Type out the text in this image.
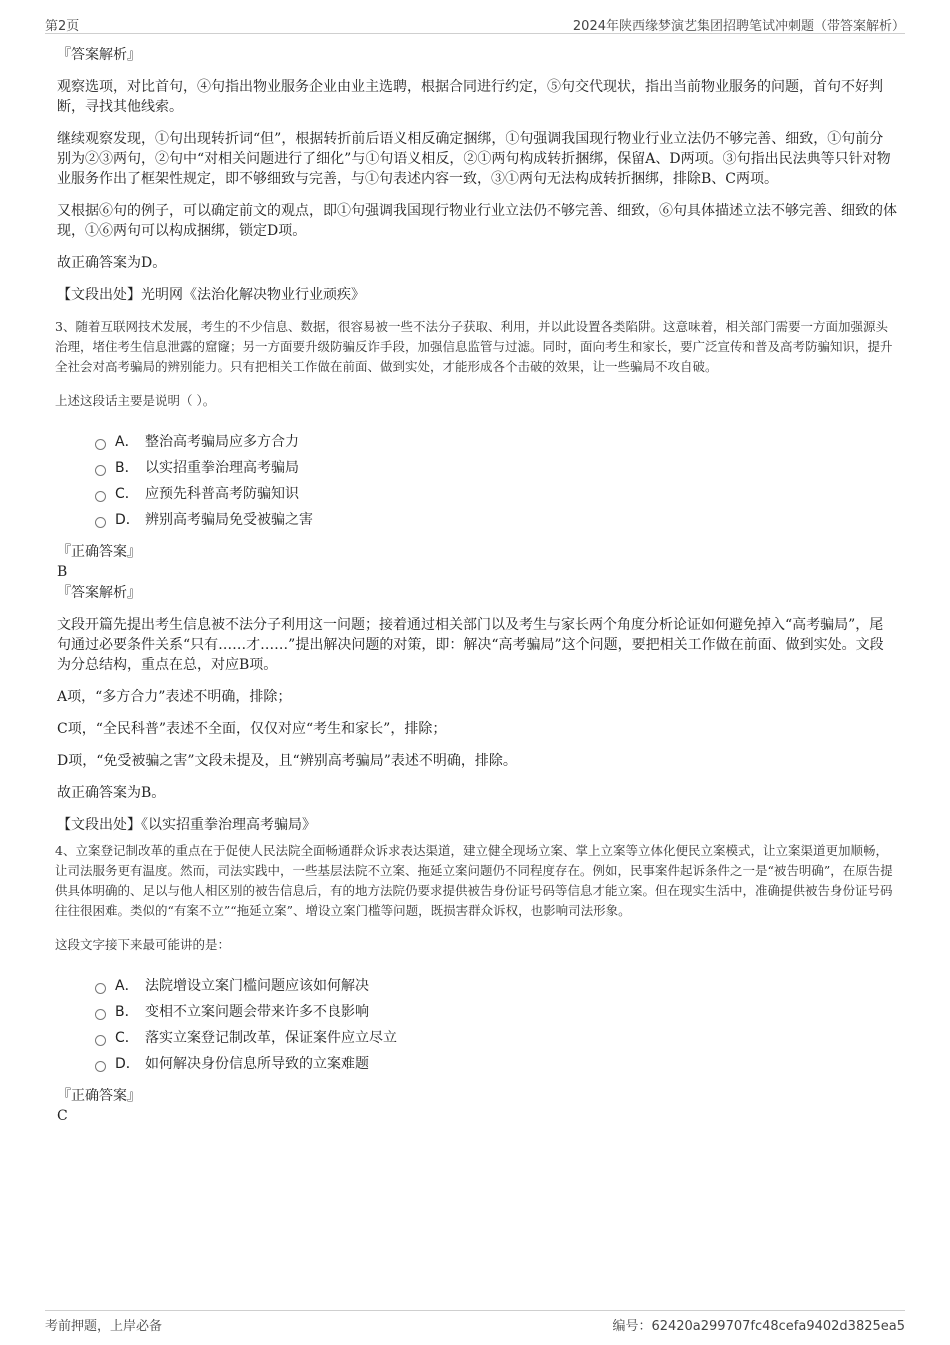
第2页	2024年陕西缘梦演艺集团招聘笔试冲刺题（带答案解析）
『答案解析』

观察选项，对比首句，④句指出物业服务企业由业主选聘，根据合同进行约定，⑤句交代现状，指出当前物业服务的问题，首句不好判断，寻找其他线索。

继续观察发现，①句出现转折词“但”，根据转折前后语义相反确定捆绑，①句强调我国现行物业行业立法仍不够完善、细致，①句前分别为②③两句，②句中“对相关问题进行了细化”与①句语义相反，②①两句构成转折捆绑，保留A、D两项。③句指出民法典等只针对物业服务作出了框架性规定，即不够细致与完善，与①句表述内容一致，③①两句无法构成转折捆绑，排除B、C两项。

又根据⑥句的例子，可以确定前文的观点，即①句强调我国现行物业行业立法仍不够完善、细致，⑥句具体描述立法不够完善、细致的体现，①⑥两句可以构成捆绑，锁定D项。

故正确答案为D。

【文段出处】光明网《法治化解决物业行业顽疾》

3、随着互联网技术发展，考生的不少信息、数据，很容易被一些不法分子获取、利用，并以此设置各类陷阱。这意味着，相关部门需要一方面加强源头治理，堵住考生信息泄露的窟窿；另一方面要升级防骗反诈手段，加强信息监管与过滤。同时，面向考生和家长，要广泛宣传和普及高考防骗知识，提升全社会对高考骗局的辨别能力。只有把相关工作做在前面、做到实处，才能形成各个击破的效果，让一些骗局不攻自破。
上述这段话主要是说明（ ）。
A． 整治高考骗局应多方合力
B． 以实招重拳治理高考骗局
C． 应预先科普高考防骗知识
D． 辨别高考骗局免受被骗之害
『正确答案』
B
『答案解析』

文段开篇先提出考生信息被不法分子利用这一问题；接着通过相关部门以及考生与家长两个角度分析论证如何避免掉入“高考骗局”，尾句通过必要条件关系“只有……才……”提出解决问题的对策，即：解决“高考骗局”这个问题，要把相关工作做在前面、做到实处。文段为分总结构，重点在总，对应B项。

A项，“多方合力”表述不明确，排除；

C项，“全民科普”表述不全面，仅仅对应“考生和家长”，排除；

D项，“免受被骗之害”文段未提及，且“辨别高考骗局”表述不明确，排除。

故正确答案为B。

【文段出处】《以实招重拳治理高考骗局》

4、立案登记制改革的重点在于促使人民法院全面畅通群众诉求表达渠道，建立健全现场立案、掌上立案等立体化便民立案模式，让立案渠道更加顺畅，让司法服务更有温度。然而，司法实践中，一些基层法院不立案、拖延立案问题仍不同程度存在。例如，民事案件起诉条件之一是“被告明确”，在原告提供具体明确的、足以与他人相区别的被告信息后，有的地方法院仍要求提供被告身份证号码等信息才能立案。但在现实生活中，准确提供被告身份证号码往往很困难。类似的“有案不立”“拖延立案”、增设立案门槛等问题，既损害群众诉权，也影响司法形象。
这段文字接下来最可能讲的是：
A． 法院增设立案门槛问题应该如何解决
B． 变相不立案问题会带来许多不良影响
C． 落实立案登记制改革，保证案件应立尽立
D． 如何解决身份信息所导致的立案难题
『正确答案』
C
考前押题，上岸必备	编号：62420a299707fc48cefa9402d3825ea5
